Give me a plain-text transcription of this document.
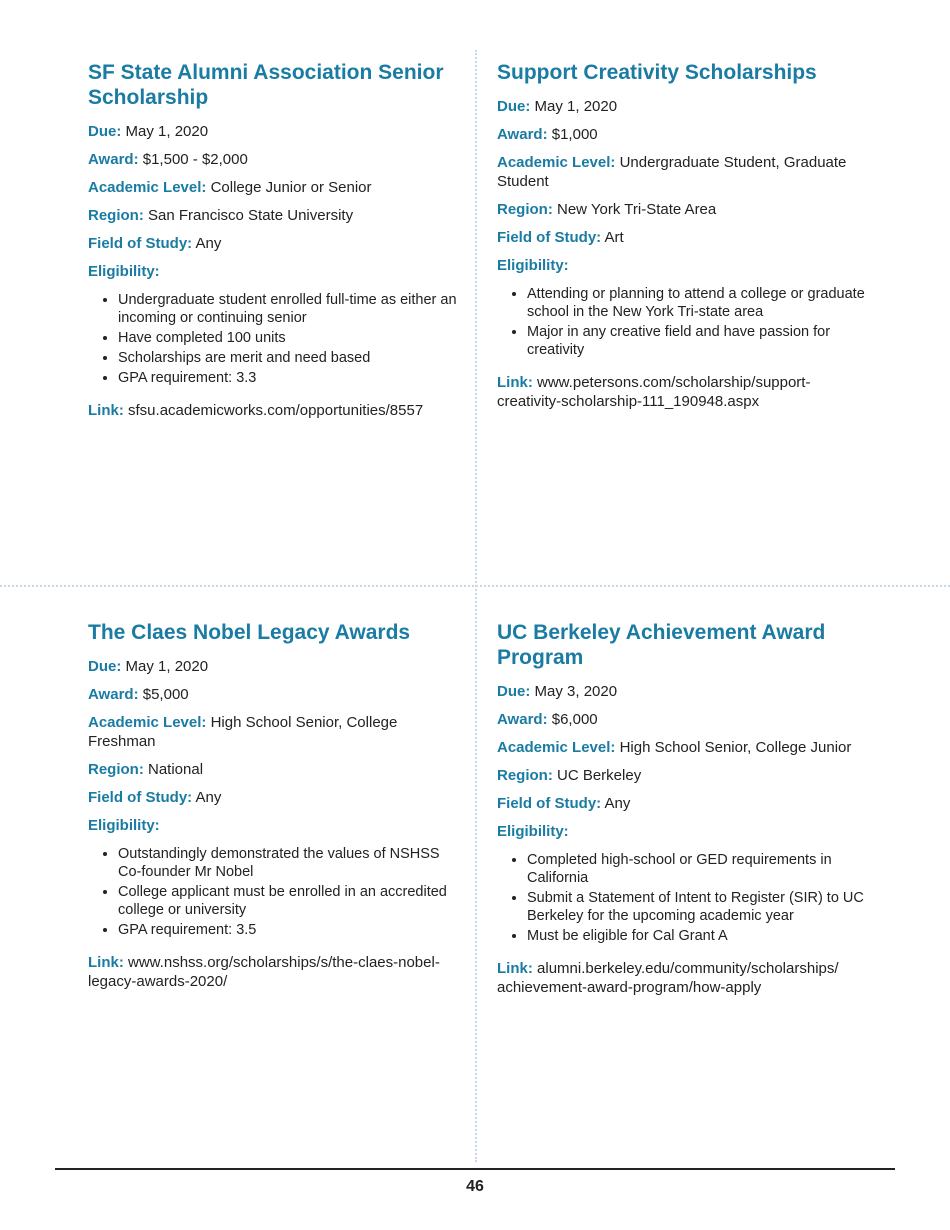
SF State Alumni Association Senior Scholarship

Due: May 1, 2020

Award: $1,500 - $2,000

Academic Level: College Junior or Senior

Region: San Francisco State University

Field of Study: Any

Eligibility:

• Undergraduate student enrolled full-time as either an incoming or continuing senior
• Have completed 100 units
• Scholarships are merit and need based
• GPA requirement: 3.3

Link: sfsu.academicworks.com/opportunities/8557

Support Creativity Scholarships

Due: May 1, 2020

Award: $1,000

Academic Level: Undergraduate Student, Graduate Student

Region: New York Tri-State Area

Field of Study: Art

Eligibility:

• Attending or planning to attend a college or graduate school in the New York Tri-state area
• Major in any creative field and have passion for creativity

Link: www.petersons.com/scholarship/support-creativity-scholarship-111_190948.aspx

The Claes Nobel Legacy Awards

Due: May 1, 2020

Award: $5,000

Academic Level: High School Senior, College Freshman

Region: National

Field of Study: Any

Eligibility:

• Outstandingly demonstrated the values of NSHSS Co-founder Mr Nobel
• College applicant must be enrolled in an accredited college or university
• GPA requirement: 3.5

Link: www.nshss.org/scholarships/s/the-claes-nobel-legacy-awards-2020/

UC Berkeley Achievement Award Program

Due: May 3, 2020

Award: $6,000

Academic Level: High School Senior, College Junior

Region: UC Berkeley

Field of Study: Any

Eligibility:

• Completed high-school or GED requirements in California
• Submit a Statement of Intent to Register (SIR) to UC Berkeley for the upcoming academic year
• Must be eligible for Cal Grant A

Link: alumni.berkeley.edu/community/scholarships/ achievement-award-program/how-apply

46
